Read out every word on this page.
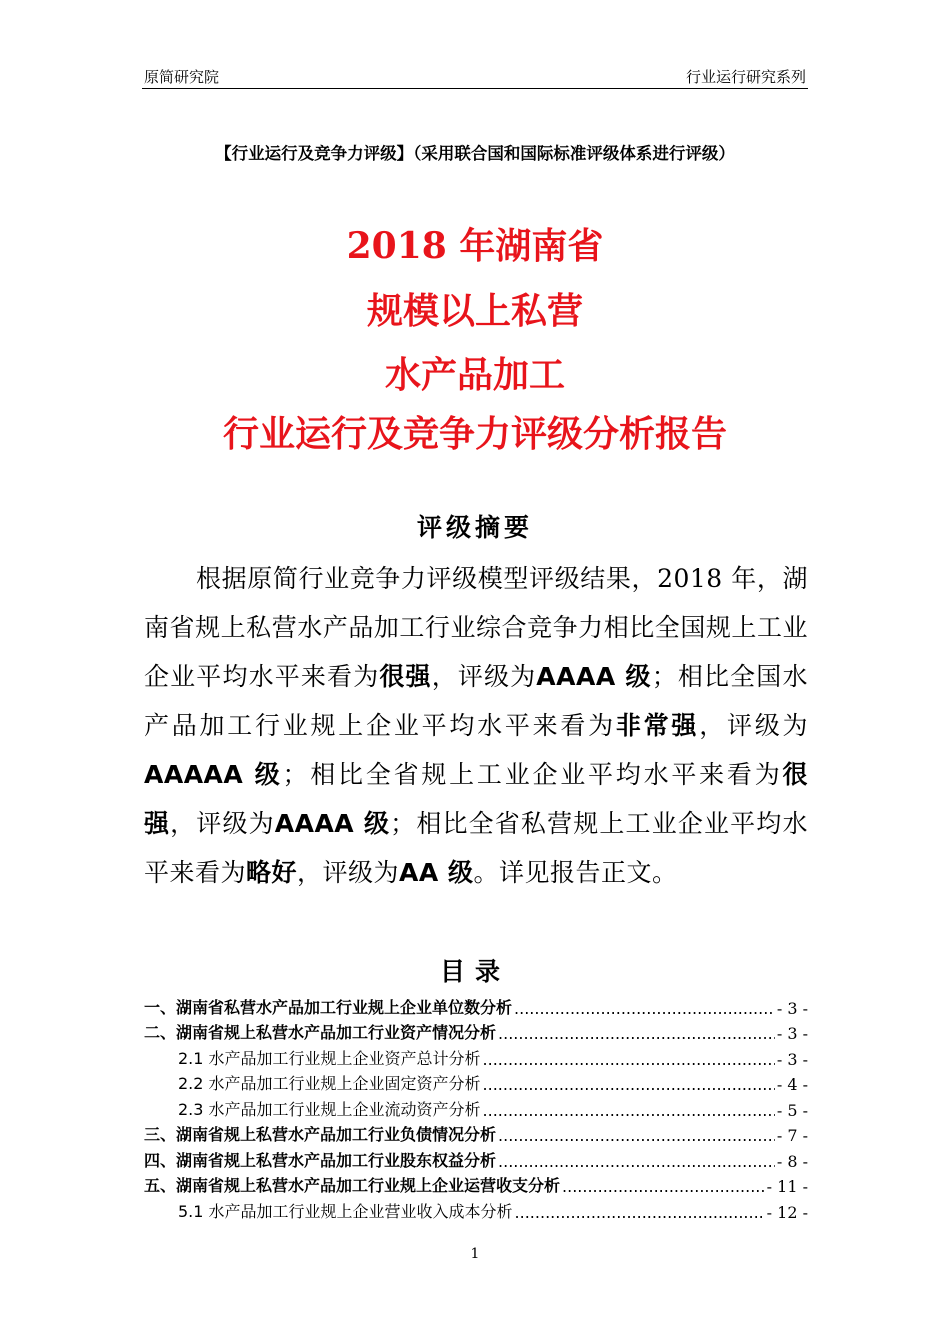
原简研究院	行业运行研究系列
【行业运行及竞争力评级】（采用联合国和国际标准评级体系进行评级）
2018 年湖南省
规模以上私营
水产品加工
行业运行及竞争力评级分析报告
评级摘要
根据原简行业竞争力评级模型评级结果，2018 年，湖南省规上私营水产品加工行业综合竞争力相比全国规上工业企业平均水平来看为很强，评级为AAAA 级；相比全国水产品加工行业规上企业平均水平来看为非常强，评级为AAAAA 级；相比全省规上工业企业平均水平来看为很强，评级为AAAA 级；相比全省私营规上工业企业平均水平来看为略好，评级为AA 级。详见报告正文。
目录
一、湖南省私营水产品加工行业规上企业单位数分析 .....	- 3 -
二、湖南省规上私营水产品加工行业资产情况分析 .....	- 3 -
2.1 水产品加工行业规上企业资产总计分析 .....	- 3 -
2.2 水产品加工行业规上企业固定资产分析 .....	- 4 -
2.3 水产品加工行业规上企业流动资产分析 .....	- 5 -
三、湖南省规上私营水产品加工行业负债情况分析 .....	- 7 -
四、湖南省规上私营水产品加工行业股东权益分析 .....	- 8 -
五、湖南省规上私营水产品加工行业规上企业运营收支分析 .....	- 11 -
5.1 水产品加工行业规上企业营业收入成本分析 .....	- 12 -
1
